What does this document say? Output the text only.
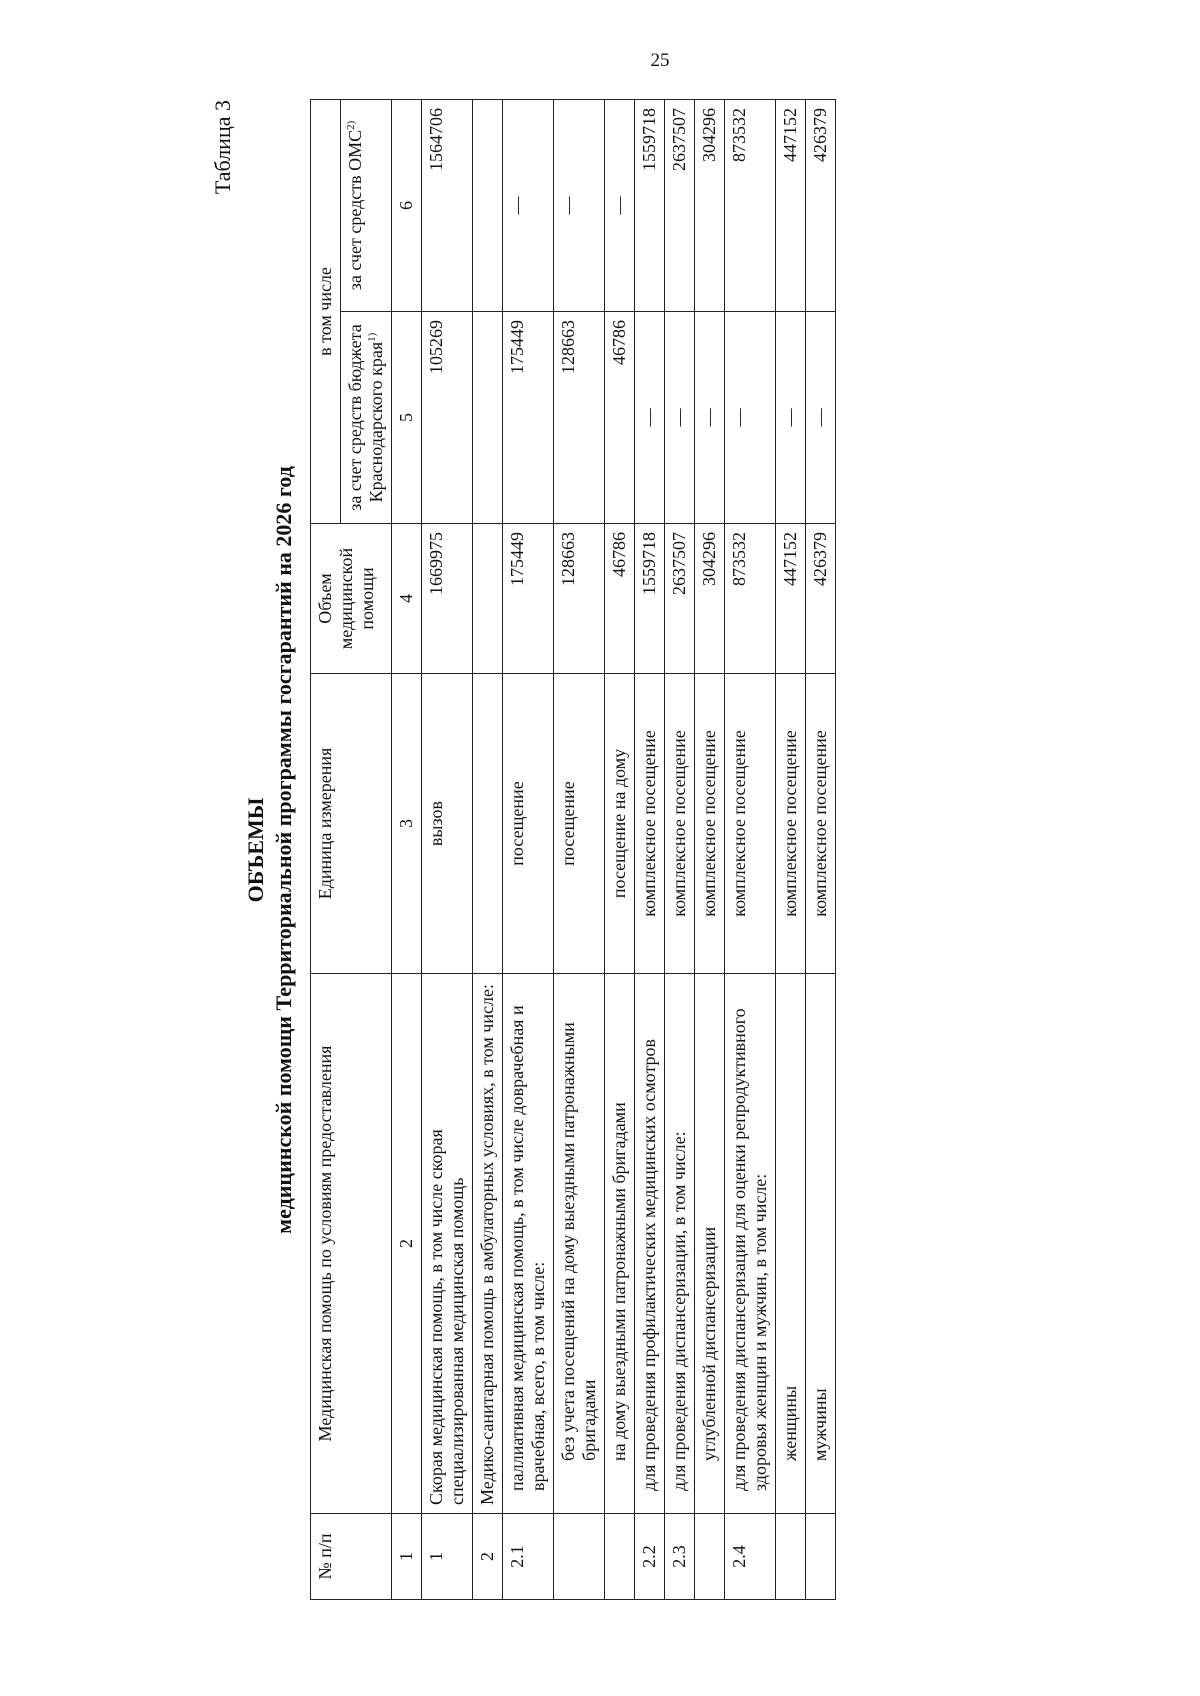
25
Таблица 3
ОБЪЕМЫ медицинской помощи Территориальной программы госгарантий на 2026 год
№ п/п	Медицинская помощь по условиям предоставления	Единица измерения	Объем медицинской помощи	в том числе	
				за счет средств бюджета Краснодарского края$^{1)}$	за счет средств ОМС$^{2)}$
1	2	3	4	5	6
1	Скорая медицинская помощь, в том числе скорая специализированная медицинская помощь	вызов	1669975	105269	1564706
2	Медико-санитарная помощь в амбулаторных условиях, в том числе:				
2.1	паллиативная медицинская помощь, в том числе доврачебная и врачебная, всего, в том числе:	посещение	175449	175449	—
	без учета посещений на дому выездными патронажными бригадами	посещение	128663	128663	—
	на дому выездными патронажными бригадами	посещение на дому	46786	46786	—
2.2	для проведения профилактических медицинских осмотров	комплексное посещение	1559718	—	1559718
2.3	для проведения диспансеризации, в том числе:	комплексное посещение	2637507	—	2637507
	углубленной диспансеризации	комплексное посещение	304296	—	304296
2.4	для проведения диспансеризации для оценки репродуктивного здоровья женщин и мужчин, в том числе:	комплексное посещение	873532	—	873532
	женщины	комплексное посещение	447152	—	447152
	мужчины	комплексное посещение	426379	—	426379
